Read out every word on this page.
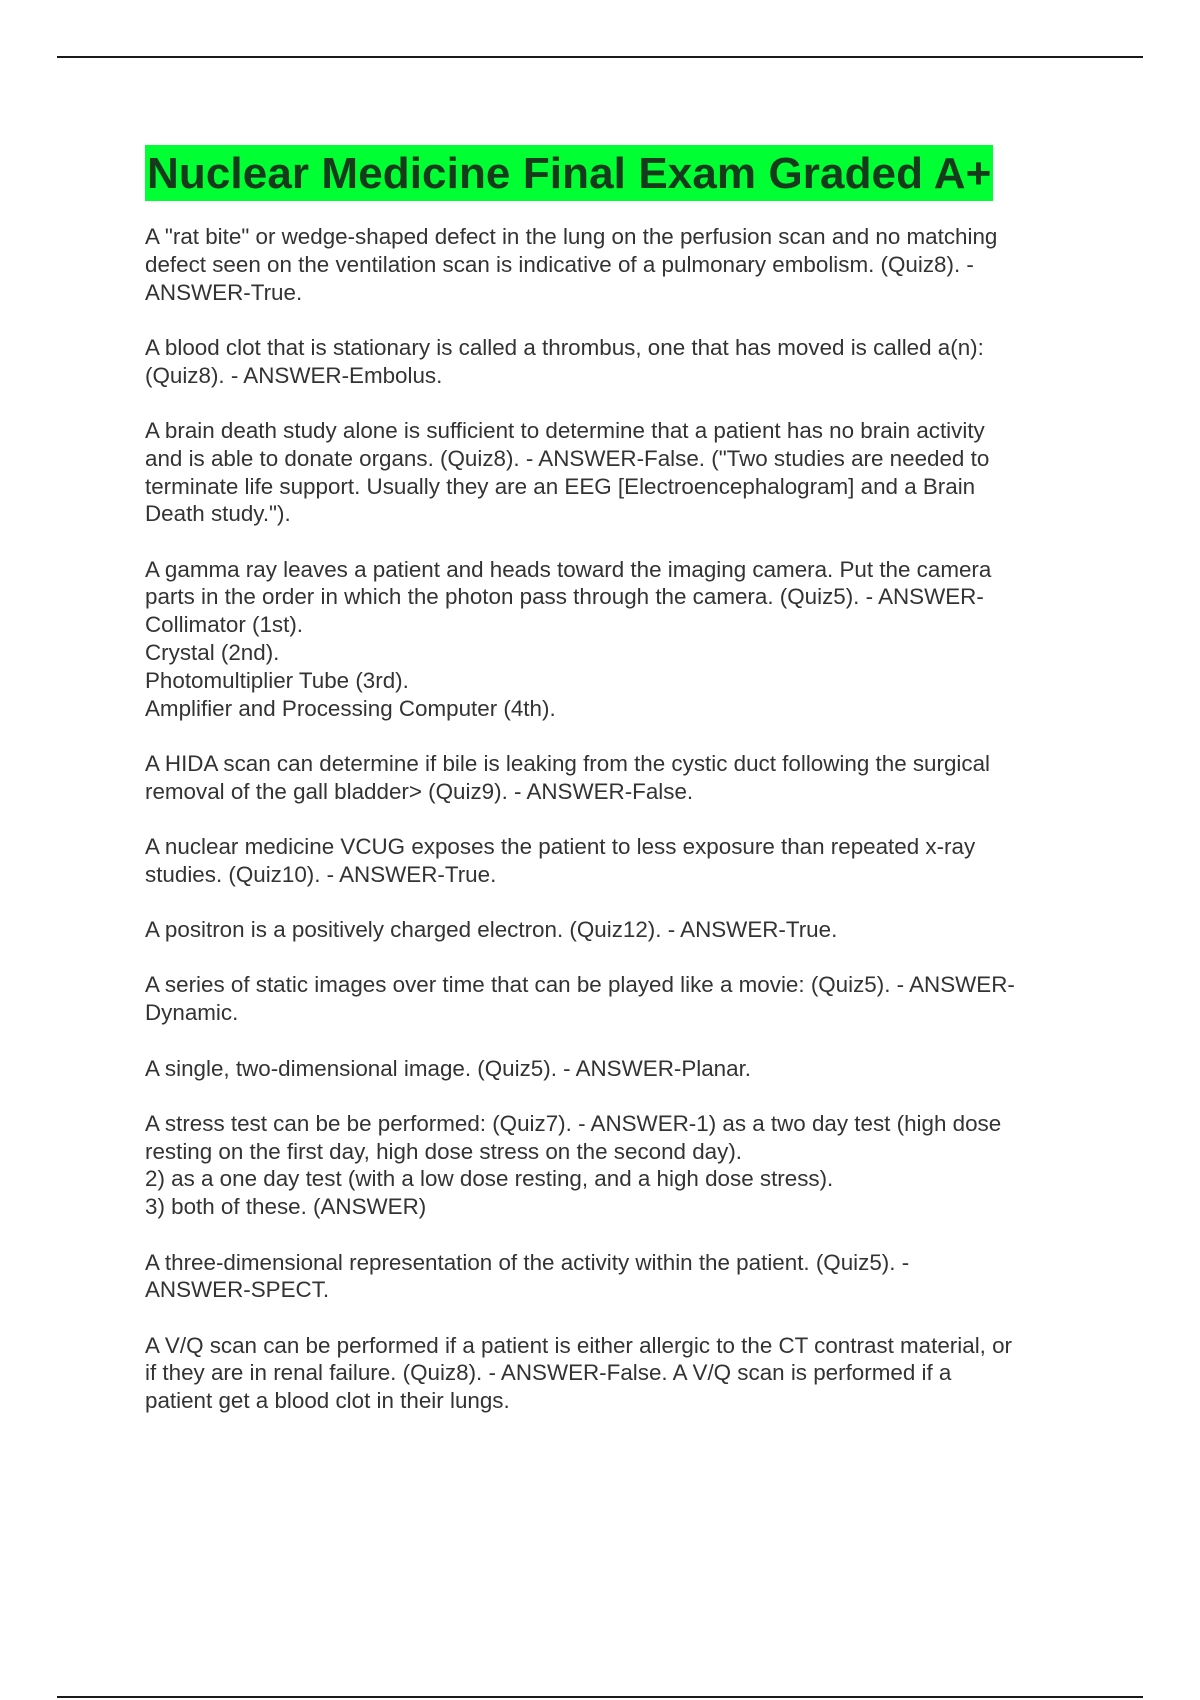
Nuclear Medicine Final Exam Graded A+

A "rat bite" or wedge-shaped defect in the lung on the perfusion scan and no matching
defect seen on the ventilation scan is indicative of a pulmonary embolism. (Quiz8). -
ANSWER-True.

A blood clot that is stationary is called a thrombus, one that has moved is called a(n):
(Quiz8). - ANSWER-Embolus.

A brain death study alone is sufficient to determine that a patient has no brain activity
and is able to donate organs. (Quiz8). - ANSWER-False. ("Two studies are needed to
terminate life support. Usually they are an EEG [Electroencephalogram] and a Brain
Death study.").

A gamma ray leaves a patient and heads toward the imaging camera. Put the camera
parts in the order in which the photon pass through the camera. (Quiz5). - ANSWER-
Collimator (1st).
Crystal (2nd).
Photomultiplier Tube (3rd).
Amplifier and Processing Computer (4th).

A HIDA scan can determine if bile is leaking from the cystic duct following the surgical
removal of the gall bladder> (Quiz9). - ANSWER-False.

A nuclear medicine VCUG exposes the patient to less exposure than repeated x-ray
studies. (Quiz10). - ANSWER-True.

A positron is a positively charged electron. (Quiz12). - ANSWER-True.

A series of static images over time that can be played like a movie: (Quiz5). - ANSWER-
Dynamic.

A single, two-dimensional image. (Quiz5). - ANSWER-Planar.

A stress test can be be performed: (Quiz7). - ANSWER-1) as a two day test (high dose
resting on the first day, high dose stress on the second day).
2) as a one day test (with a low dose resting, and a high dose stress).
3) both of these. (ANSWER)

A three-dimensional representation of the activity within the patient. (Quiz5). -
ANSWER-SPECT.

A V/Q scan can be performed if a patient is either allergic to the CT contrast material, or
if they are in renal failure. (Quiz8). - ANSWER-False. A V/Q scan is performed if a
patient get a blood clot in their lungs.
